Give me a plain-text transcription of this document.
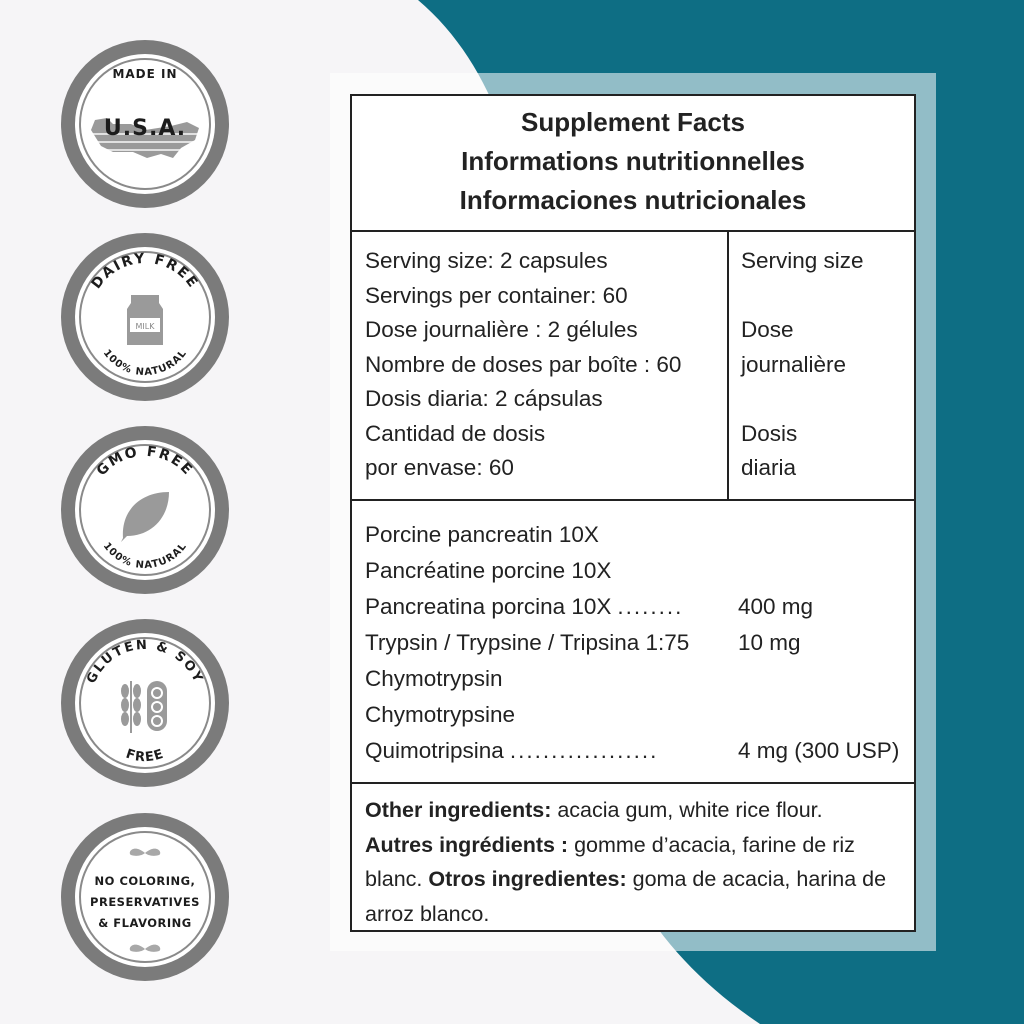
MADE IN
U.S.A.
DAIRY FREE
100% NATURAL
MILK
GMO FREE
100% NATURAL
GLUTEN & SOY
FREE
NO COLORING,
PRESERVATIVES
& FLAVORING
Supplement Facts
Informations nutritionnelles
Informaciones nutricionales
Serving size: 2 capsules
Servings per container: 60
Dose journalière : 2 gélules
Nombre de doses par boîte : 60
Dosis diaria: 2 cápsulas
Cantidad de dosis
por envase: 60
Serving size

Dose
journalière

Dosis
diaria
Porcine pancreatin 10X
Pancréatine porcine 10X
Pancreatina porcina 10X ........ 400 mg
Trypsin / Trypsine / Tripsina 1:75 10 mg
Chymotrypsin
Chymotrypsine
Quimotripsina ..................	4 mg (300 USP)
Other ingredients: acacia gum, white rice flour.
Autres ingrédients : gomme d’acacia, farine de riz blanc. Otros ingredientes: goma de acacia, harina de arroz blanco.
